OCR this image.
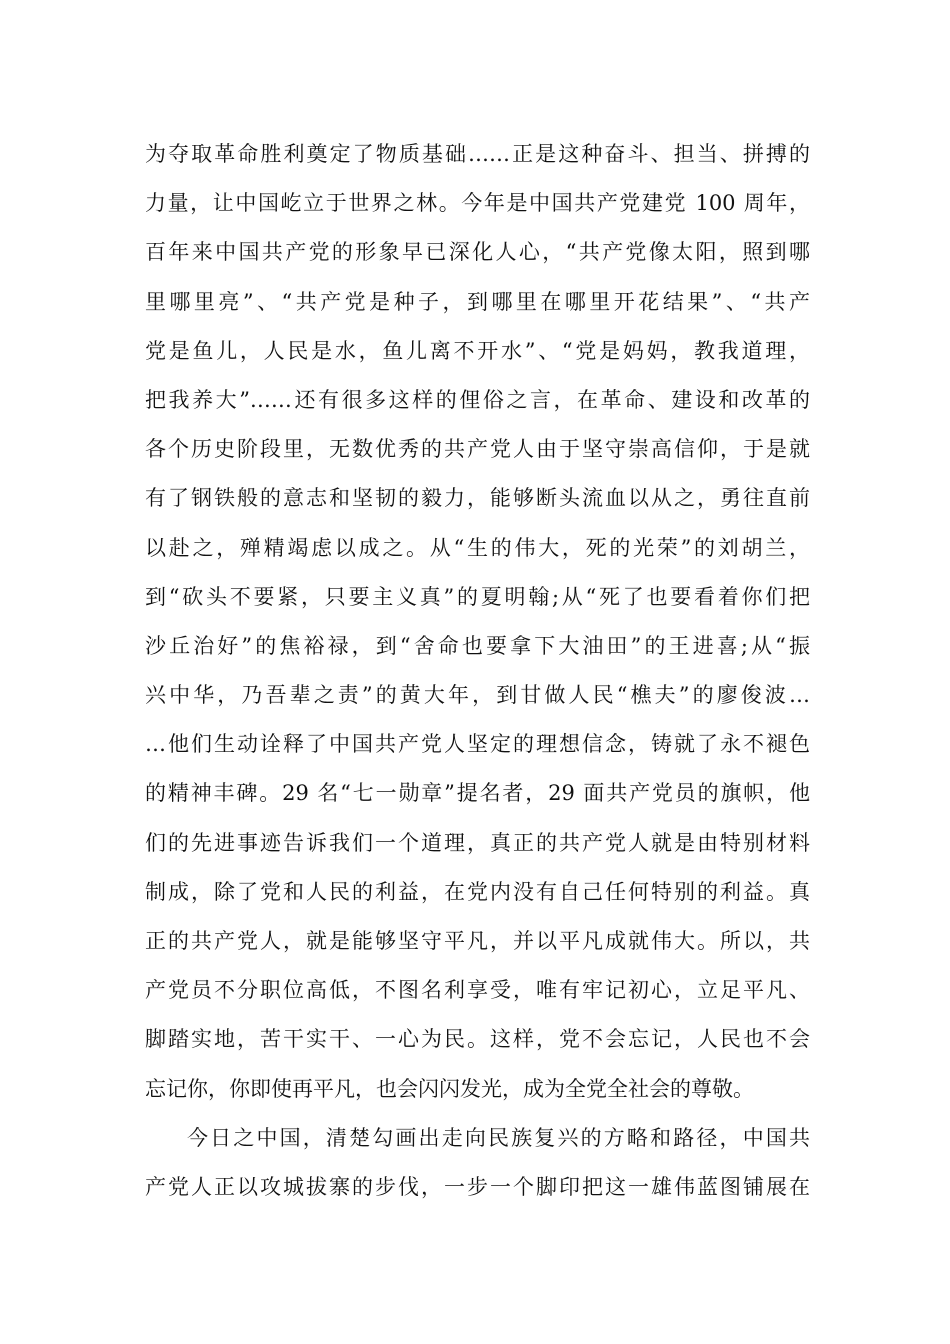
为夺取革命胜利奠定了物质基础……正是这种奋斗、担当、拼搏的
力量，让中国屹立于世界之林。今年是中国共产党建党 100 周年，
百年来中国共产党的形象早已深化人心，“共产党像太阳，照到哪
里哪里亮”、“共产党是种子，到哪里在哪里开花结果”、“共产
党是鱼儿，人民是水，鱼儿离不开水”、“党是妈妈，教我道理，
把我养大”……还有很多这样的俚俗之言，在革命、建设和改革的
各个历史阶段里，无数优秀的共产党人由于坚守崇高信仰，于是就
有了钢铁般的意志和坚韧的毅力，能够断头流血以从之，勇往直前
以赴之，殚精竭虑以成之。从“生的伟大，死的光荣”的刘胡兰，
到“砍头不要紧，只要主义真”的夏明翰;从“死了也要看着你们把
沙丘治好”的焦裕禄，到“舍命也要拿下大油田”的王进喜;从“振
兴中华，乃吾辈之责”的黄大年，到甘做人民“樵夫”的廖俊波…
…他们生动诠释了中国共产党人坚定的理想信念，铸就了永不褪色
的精神丰碑。29 名“七一勋章”提名者，29 面共产党员的旗帜，他
们的先进事迹告诉我们一个道理，真正的共产党人就是由特别材料
制成，除了党和人民的利益，在党内没有自己任何特别的利益。真
正的共产党人，就是能够坚守平凡，并以平凡成就伟大。所以，共
产党员不分职位高低，不图名利享受，唯有牢记初心，立足平凡、
脚踏实地，苦干实干、一心为民。这样，党不会忘记，人民也不会
忘记你，你即使再平凡，也会闪闪发光，成为全党全社会的尊敬。
今日之中国，清楚勾画出走向民族复兴的方略和路径，中国共
产党人正以攻城拔寨的步伐，一步一个脚印把这一雄伟蓝图铺展在
